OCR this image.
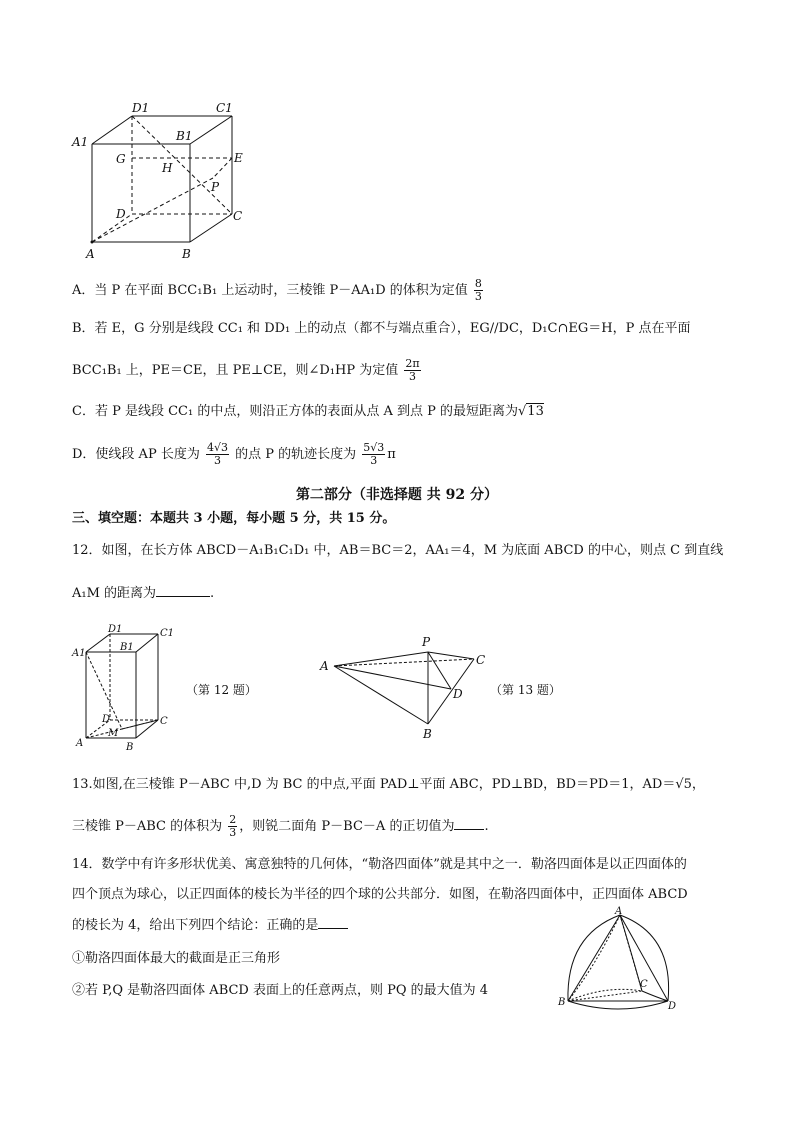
D1	C1
A1	B1
G
H
E
P
D	C
A	B
A．当 P 在平面 BCC₁B₁ 上运动时，三棱锥 P－AA₁D 的体积为定值 $\frac{8}{3}$
B．若 E，G 分别是线段 CC₁ 和 DD₁ 上的动点（都不与端点重合），EG//DC，D₁C∩EG＝H，P 点在平面
BCC₁B₁ 上，PE＝CE，且 PE⊥CE，则∠D₁HP 为定值 $\frac{2\pi}{3}$
C．若 P 是线段 CC₁ 的中点，则沿正方体的表面从点 A 到点 P 的最短距离为√13
D．使线段 AP 长度为 $\frac{4√3}{3}$ 的点 P 的轨迹长度为 $\frac{5√3}{3}$ π
第二部分（非选择题 共 92 分）
三、填空题：本题共 3 小题，每小题 5 分，共 15 分。
12．如图，在长方体 ABCD－A₁B₁C₁D₁ 中，AB＝BC＝2，AA₁＝4，M 为底面 ABCD 的中心，则点 C 到直线
A₁M 的距离为	.
D1	C1
A1
B1
D	C
M
A	B
（第 12 题）
P
C
A
D
B
（第 13 题）
13.如图,在三棱锥 P－ABC 中,D 为 BC 的中点,平面 PAD⊥平面 ABC，PD⊥BD，BD＝PD＝1，AD＝√5，
三棱锥 P－ABC 的体积为 $\frac{2}{3}$ ，则锐二面角 P－BC－A 的正切值为 .
14．数学中有许多形状优美、寓意独特的几何体，“勒洛四面体”就是其中之一．勒洛四面体是以正四面体的
四个顶点为球心，以正四面体的棱长为半径的四个球的公共部分．如图，在勒洛四面体中，正四面体 ABCD
的棱长为 4，给出下列四个结论：正确的是
①勒洛四面体最大的截面是正三角形
②若 P,Q 是勒洛四面体 ABCD 表面上的任意两点，则 PQ 的最大值为 4
A
C
B	D
